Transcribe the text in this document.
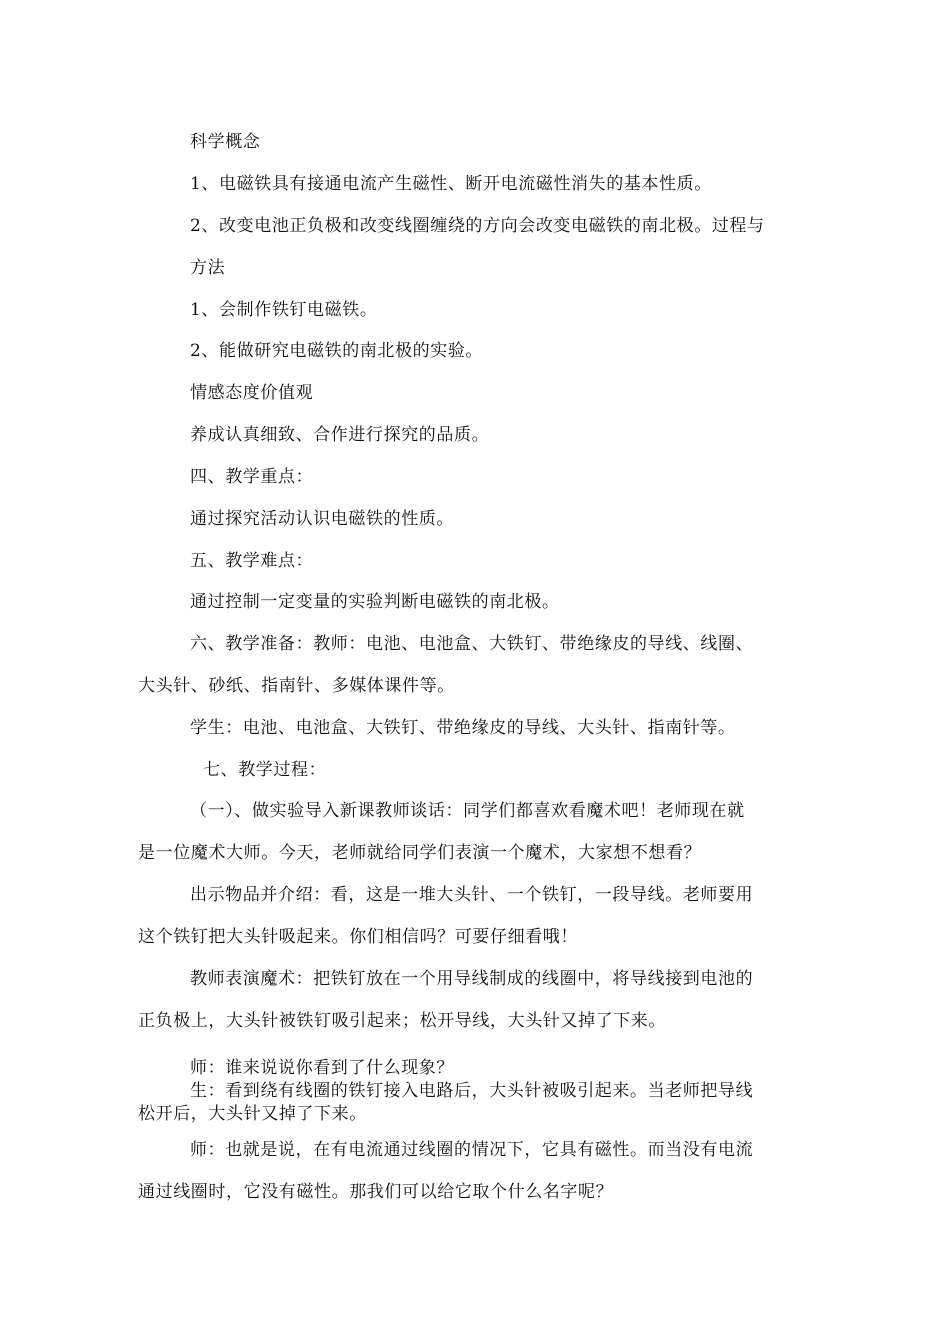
科学概念
1、电磁铁具有接通电流产生磁性、断开电流磁性消失的基本性质。
2、改变电池正负极和改变线圈缠绕的方向会改变电磁铁的南北极。过程与
方法
1、会制作铁钉电磁铁。
2、能做研究电磁铁的南北极的实验。
情感态度价值观
养成认真细致、合作进行探究的品质。
四、教学重点：
通过探究活动认识电磁铁的性质。
五、教学难点：
通过控制一定变量的实验判断电磁铁的南北极。
六、教学准备：教师：电池、电池盒、大铁钉、带绝缘皮的导线、线圈、
大头针、砂纸、指南针、多媒体课件等。
学生：电池、电池盒、大铁钉、带绝缘皮的导线、大头针、指南针等。
七、教学过程：
（一）、做实验导入新课教师谈话：同学们都喜欢看魔术吧！老师现在就
是一位魔术大师。今天，老师就给同学们表演一个魔术，大家想不想看？
出示物品并介绍：看，这是一堆大头针、一个铁钉，一段导线。老师要用
这个铁钉把大头针吸起来。你们相信吗？可要仔细看哦！
教师表演魔术：把铁钉放在一个用导线制成的线圈中，将导线接到电池的
正负极上，大头针被铁钉吸引起来；松开导线，大头针又掉了下来。
师：谁来说说你看到了什么现象？
生：看到绕有线圈的铁钉接入电路后，大头针被吸引起来。当老师把导线
松开后，大头针又掉了下来。
师：也就是说，在有电流通过线圈的情况下，它具有磁性。而当没有电流
通过线圈时，它没有磁性。那我们可以给它取个什么名字呢？
